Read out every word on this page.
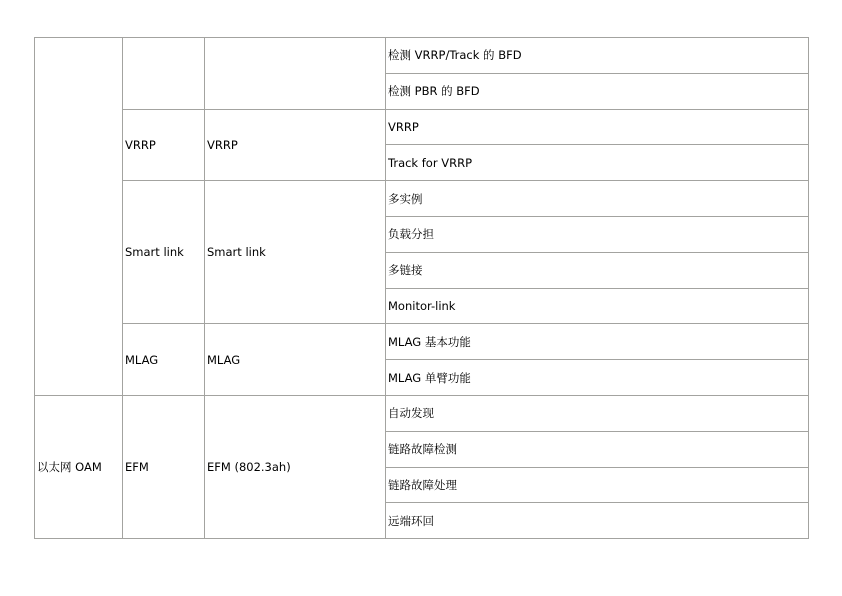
			检测 VRRP/Track 的 BFD
			检测 PBR 的 BFD
	VRRP	VRRP	VRRP
			Track for VRRP
	Smart link	Smart link	多实例
			负载分担
			多链接
			Monitor-link
	MLAG	MLAG	MLAG 基本功能
			MLAG 单臂功能
以太网 OAM	EFM	EFM (802.3ah)	自动发现
			链路故障检测
			链路故障处理
			远端环回
